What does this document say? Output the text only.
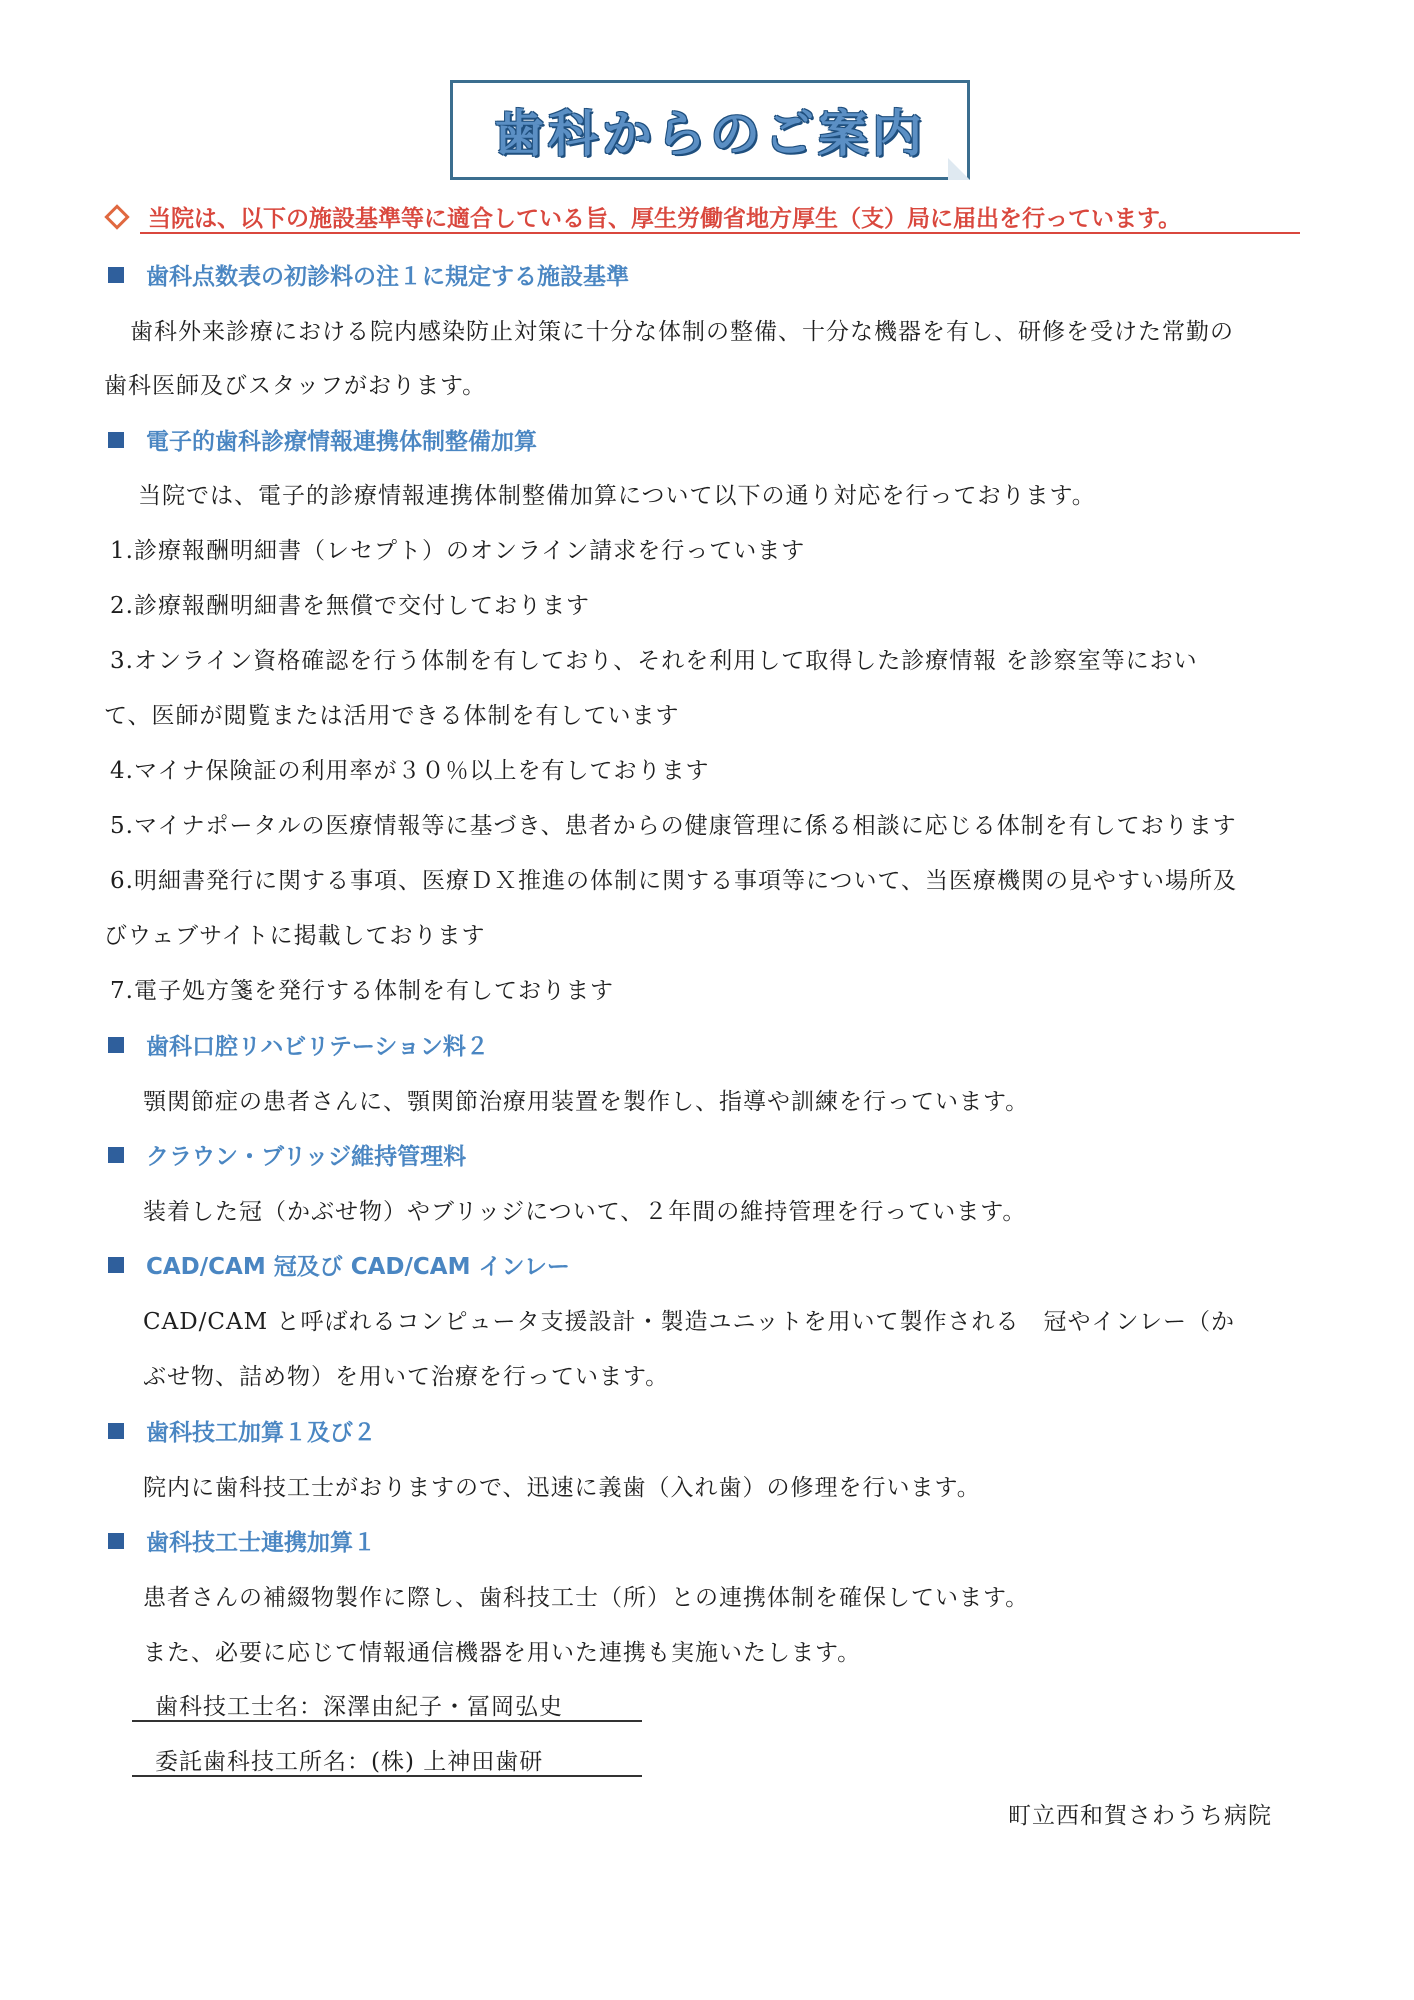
歯科からのご案内
当院は、以下の施設基準等に適合している旨、厚生労働省地方厚生（支）局に届出を行っています。
歯科点数表の初診料の注１に規定する施設基準
歯科外来診療における院内感染防止対策に十分な体制の整備、十分な機器を有し、研修を受けた常勤の
歯科医師及びスタッフがおります。
電子的歯科診療情報連携体制整備加算
当院では、電子的診療情報連携体制整備加算について以下の通り対応を行っております。
1.診療報酬明細書（レセプト）のオンライン請求を行っています
2.診療報酬明細書を無償で交付しております
3.オンライン資格確認を行う体制を有しており、それを利用して取得した診療情報 を診察室等におい
て、医師が閲覧または活用できる体制を有しています
4.マイナ保険証の利用率が３０％以上を有しております
5.マイナポータルの医療情報等に基づき、患者からの健康管理に係る相談に応じる体制を有しております
6.明細書発行に関する事項、医療ＤＸ推進の体制に関する事項等について、当医療機関の見やすい場所及
びウェブサイトに掲載しております
7.電子処方箋を発行する体制を有しております
歯科口腔リハビリテーション料２
顎関節症の患者さんに、顎関節治療用装置を製作し、指導や訓練を行っています。
クラウン・ブリッジ維持管理料
装着した冠（かぶせ物）やブリッジについて、２年間の維持管理を行っています。
CAD/CAM 冠及び CAD/CAM インレー
CAD/CAM と呼ばれるコンピュータ支援設計・製造ユニットを用いて製作される　冠やインレー（か
ぶせ物、詰め物）を用いて治療を行っています。
歯科技工加算１及び２
院内に歯科技工士がおりますので、迅速に義歯（入れ歯）の修理を行います。
歯科技工士連携加算１
患者さんの補綴物製作に際し、歯科技工士（所）との連携体制を確保しています。
また、必要に応じて情報通信機器を用いた連携も実施いたします。
歯科技工士名：深澤由紀子・冨岡弘史
委託歯科技工所名：(株) 上神田歯研
町立西和賀さわうち病院
